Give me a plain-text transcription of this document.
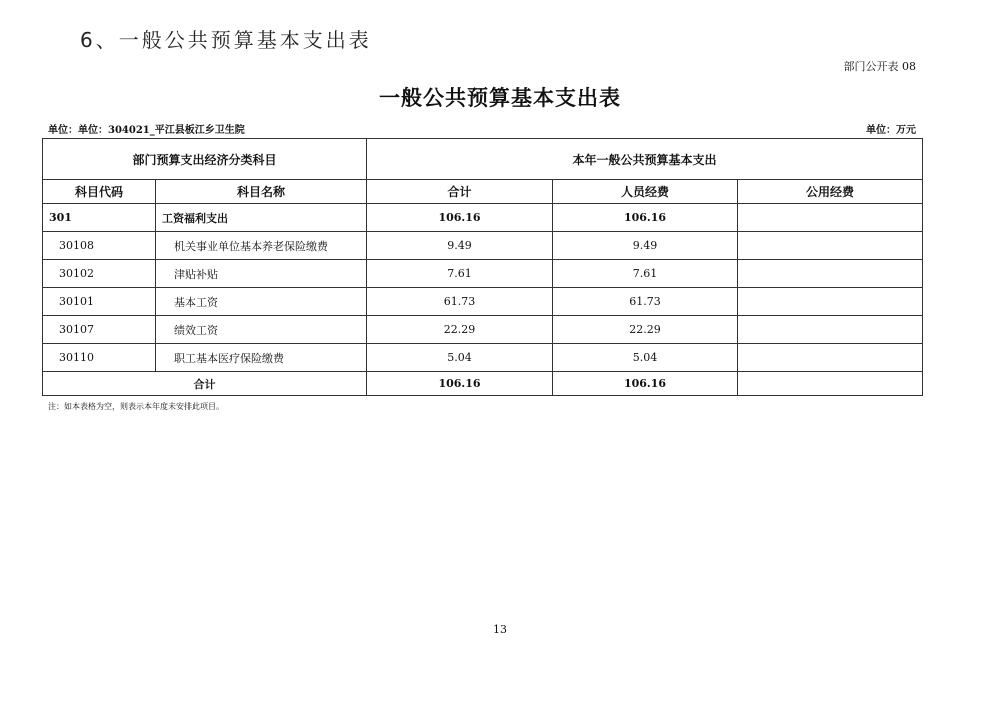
6、一般公共预算基本支出表
部门公开表 08
一般公共预算基本支出表
单位：单位：304021_平江县板江乡卫生院	单位：万元
部门预算支出经济分类科目		本年一般公共预算基本支出		
科目代码	科目名称	合计	人员经费	公用经费
301	工资福利支出	106.16	106.16	
30108	机关事业单位基本养老保险缴费	9.49	9.49	
30102	津贴补贴	7.61	7.61	
30101	基本工资	61.73	61.73	
30107	绩效工资	22.29	22.29	
30110	职工基本医疗保险缴费	5.04	5.04	
合计		106.16	106.16	
注：如本表格为空，则表示本年度未安排此项目。
13
